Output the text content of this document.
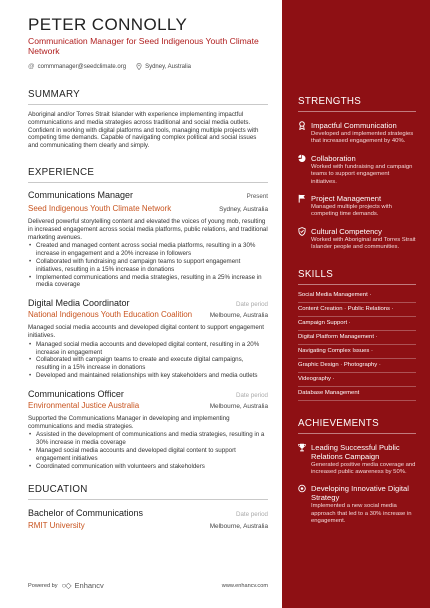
PETER CONNOLLY
Communication Manager for Seed Indigenous Youth Climate Network
@ commmanager@seedclimate.org	Sydney, Australia
SUMMARY
Aboriginal and/or Torres Strait Islander with experience implementing impactful communications and media strategies across traditional and social media outlets. Confident in working with digital platforms and tools, managing multiple projects with competing time demands. Capable of navigating complex political and social issues and communicating them clearly and simply.
EXPERIENCE
Communications Manager	Present
Seed Indigenous Youth Climate Network	Sydney, Australia
Delivered powerful storytelling content and elevated the voices of young mob, resulting in increased engagement across social media platforms, public relations, and traditional marketing avenues.
• Created and managed content across social media platforms, resulting in a 30% increase in engagement and a 20% increase in followers
• Collaborated with fundraising and campaign teams to support engagement initiatives, resulting in a 15% increase in donations
• Implemented communications and media strategies, resulting in a 25% increase in media coverage
Digital Media Coordinator	Date period
National Indigenous Youth Education Coalition	Melbourne, Australia
Managed social media accounts and developed digital content to support engagement initiatives.
• Managed social media accounts and developed digital content, resulting in a 20% increase in engagement
• Collaborated with campaign teams to create and execute digital campaigns, resulting in a 15% increase in donations
• Developed and maintained relationships with key stakeholders and media outlets
Communications Officer	Date period
Environmental Justice Australia	Melbourne, Australia
Supported the Communications Manager in developing and implementing communications and media strategies.
• Assisted in the development of communications and media strategies, resulting in a 30% increase in media coverage
• Managed social media accounts and developed digital content to support engagement initiatives
• Coordinated communication with volunteers and stakeholders
EDUCATION
Bachelor of Communications	Date period
RMIT University	Melbourne, Australia
Powered by ○◇ Enhancv	www.enhancv.com
STRENGTHS
Impactful Communication
Developed and implemented strategies that increased engagement by 40%.
Collaboration
Worked with fundraising and campaign teams to support engagement initiatives.
Project Management
Managed multiple projects with competing time demands.
Cultural Competency
Worked with Aboriginal and Torres Strait Islander people and communities.
SKILLS
Social Media Management ·
Content Creation · Public Relations ·
Campaign Support ·
Digital Platform Management ·
Navigating Complex Issues ·
Graphic Design · Photography ·
Videography ·
Database Management
ACHIEVEMENTS
Leading Successful Public Relations Campaign
Generated positive media coverage and increased public awareness by 50%.
Developing Innovative Digital Strategy
Implemented a new social media approach that led to a 30% increase in engagement.
